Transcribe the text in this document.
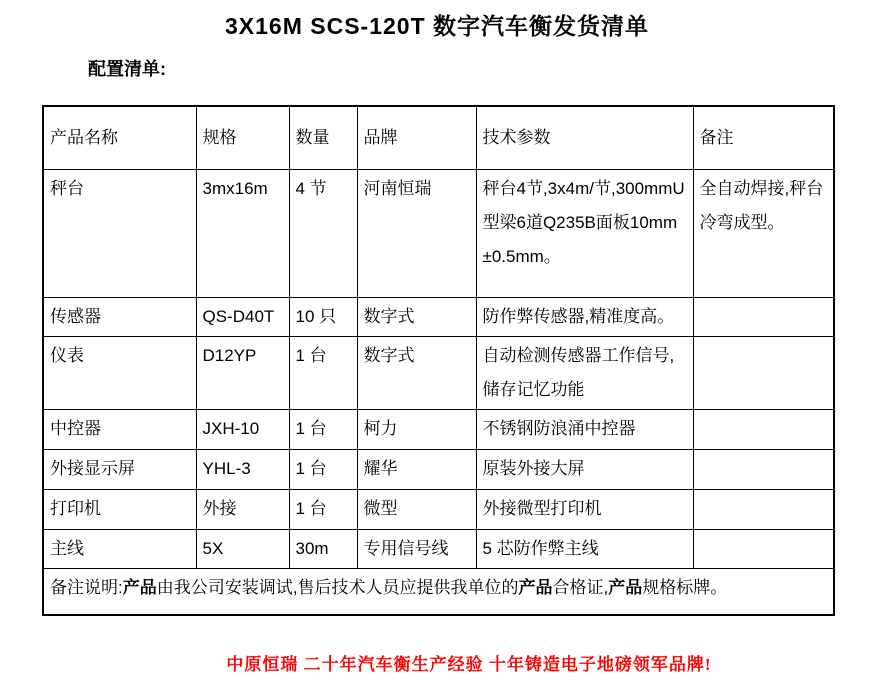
3X16M SCS-120T 数字汽车衡发货清单
配置清单:
产品名称	规格	数量	品牌	技术参数	备注
秤台	3mx16m	4 节	河南恒瑞	秤台4节,3x4m/节,300mmU型梁6道Q235B面板10mm±0.5mm。	全自动焊接,秤台冷弯成型。
传感器	QS-D40T	10 只	数字式	防作弊传感器,精准度高。	
仪表	D12YP	1 台	数字式	自动检测传感器工作信号,储存记忆功能	
中控器	JXH-10	1 台	柯力	不锈钢防浪涌中控器	
外接显示屏	YHL-3	1 台	耀华	原装外接大屏	
打印机	外接	1 台	微型	外接微型打印机	
主线	5X	30m	专用信号线	5 芯防作弊主线	
备注说明:产品由我公司安装调试,售后技术人员应提供我单位的产品合格证,产品规格标牌。					
中原恒瑞 二十年汽车衡生产经验 十年铸造电子地磅领军品牌!
